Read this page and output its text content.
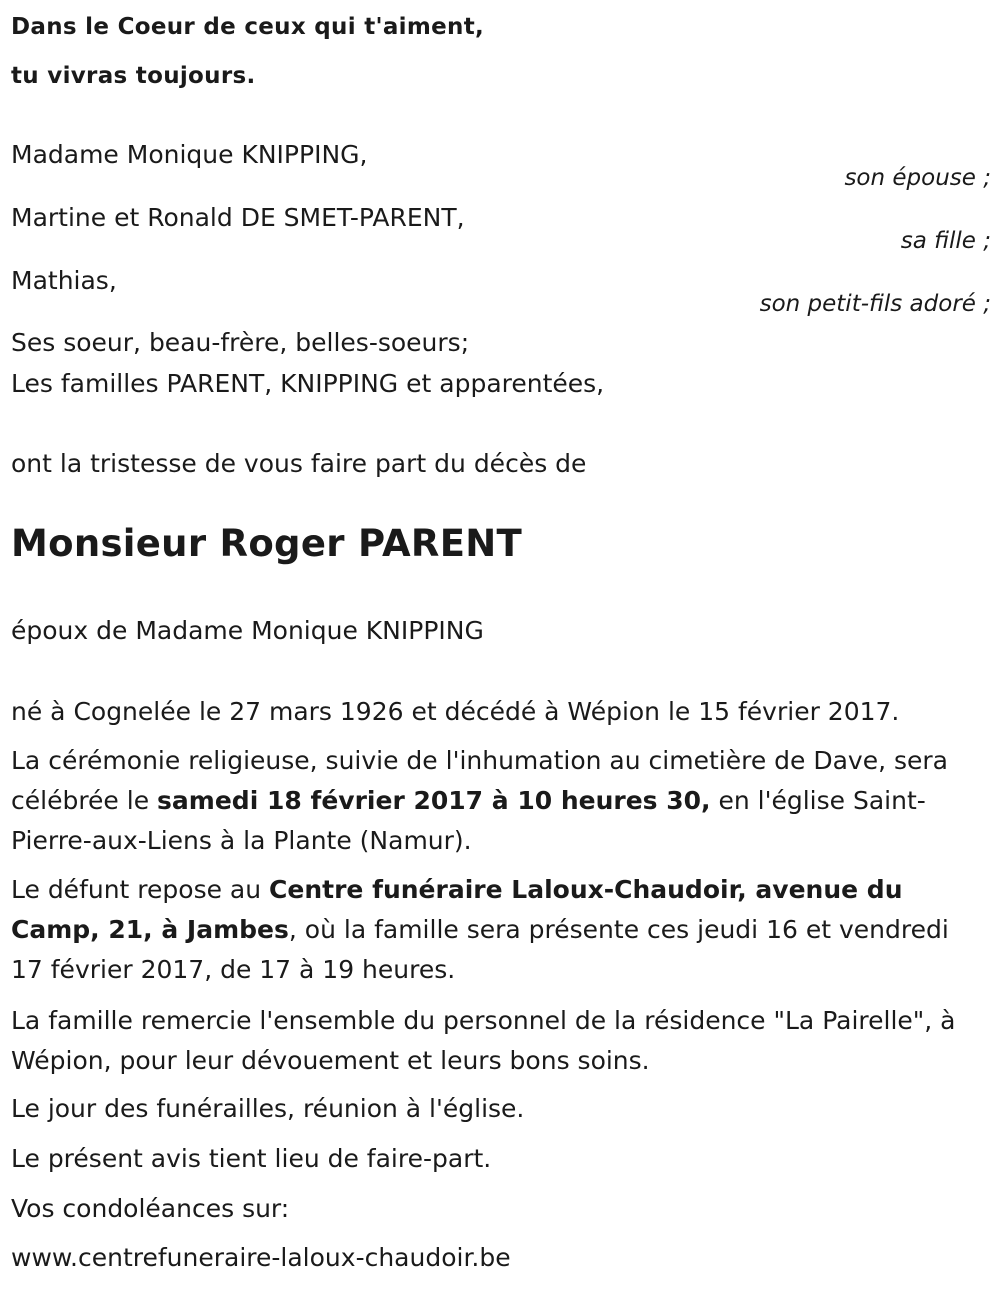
Dans le Coeur de ceux qui t'aiment,
tu vivras toujours.
Madame Monique KNIPPING,
son épouse ;
Martine et Ronald DE SMET-PARENT,
sa fille ;
Mathias,
son petit-fils adoré ;
Ses soeur, beau-frère, belles-soeurs;
Les familles PARENT, KNIPPING et apparentées,
ont la tristesse de vous faire part du décès de
Monsieur Roger PARENT
époux de Madame Monique KNIPPING
né à Cognelée le 27 mars 1926 et décédé à Wépion le 15 février 2017.
La cérémonie religieuse, suivie de l'inhumation au cimetière de Dave, sera célébrée le samedi 18 février 2017 à 10 heures 30, en l'église Saint-Pierre-aux-Liens à la Plante (Namur).
Le défunt repose au Centre funéraire Laloux-Chaudoir, avenue du Camp, 21, à Jambes, où la famille sera présente ces jeudi 16 et vendredi 17 février 2017, de 17 à 19 heures.
La famille remercie l'ensemble du personnel de la résidence "La Pairelle", à Wépion, pour leur dévouement et leurs bons soins.
Le jour des funérailles, réunion à l'église.
Le présent avis tient lieu de faire-part.
Vos condoléances sur:
www.centrefuneraire-laloux-chaudoir.be
